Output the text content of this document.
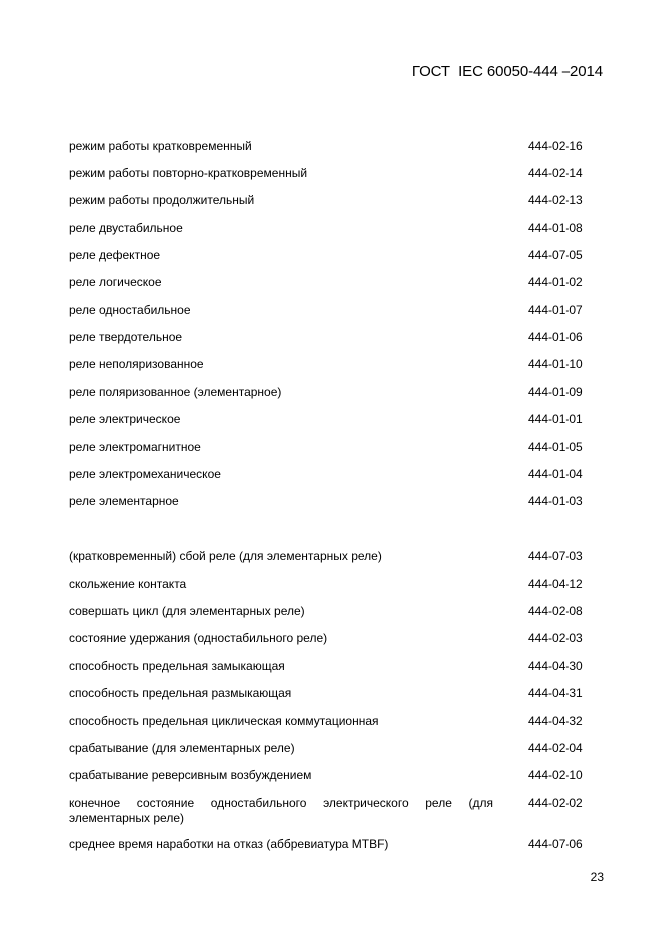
ГОСТ  IEC 60050-444 –2014
режим работы кратковременный	444-02-16
режим работы повторно-кратковременный	444-02-14
режим работы продолжительный	444-02-13
реле двустабильное	444-01-08
реле дефектное	444-07-05
реле логическое	444-01-02
реле одностабильное	444-01-07
реле твердотельное	444-01-06
реле неполяризованное	444-01-10
реле поляризованное (элементарное)	444-01-09
реле электрическое	444-01-01
реле электромагнитное	444-01-05
реле электромеханическое	444-01-04
реле элементарное	444-01-03
(кратковременный) сбой реле (для элементарных реле)	444-07-03
скольжение контакта	444-04-12
совершать цикл (для элементарных реле)	444-02-08
состояние удержания (одностабильного реле)	444-02-03
способность предельная замыкающая	444-04-30
способность предельная размыкающая	444-04-31
способность предельная циклическая коммутационная	444-04-32
срабатывание (для элементарных реле)	444-02-04
срабатывание реверсивным возбуждением	444-02-10
конечное состояние одностабильного электрического реле (для элементарных реле)
444-02-02
среднее время наработки на отказ (аббревиатура MTBF)	444-07-06
23
